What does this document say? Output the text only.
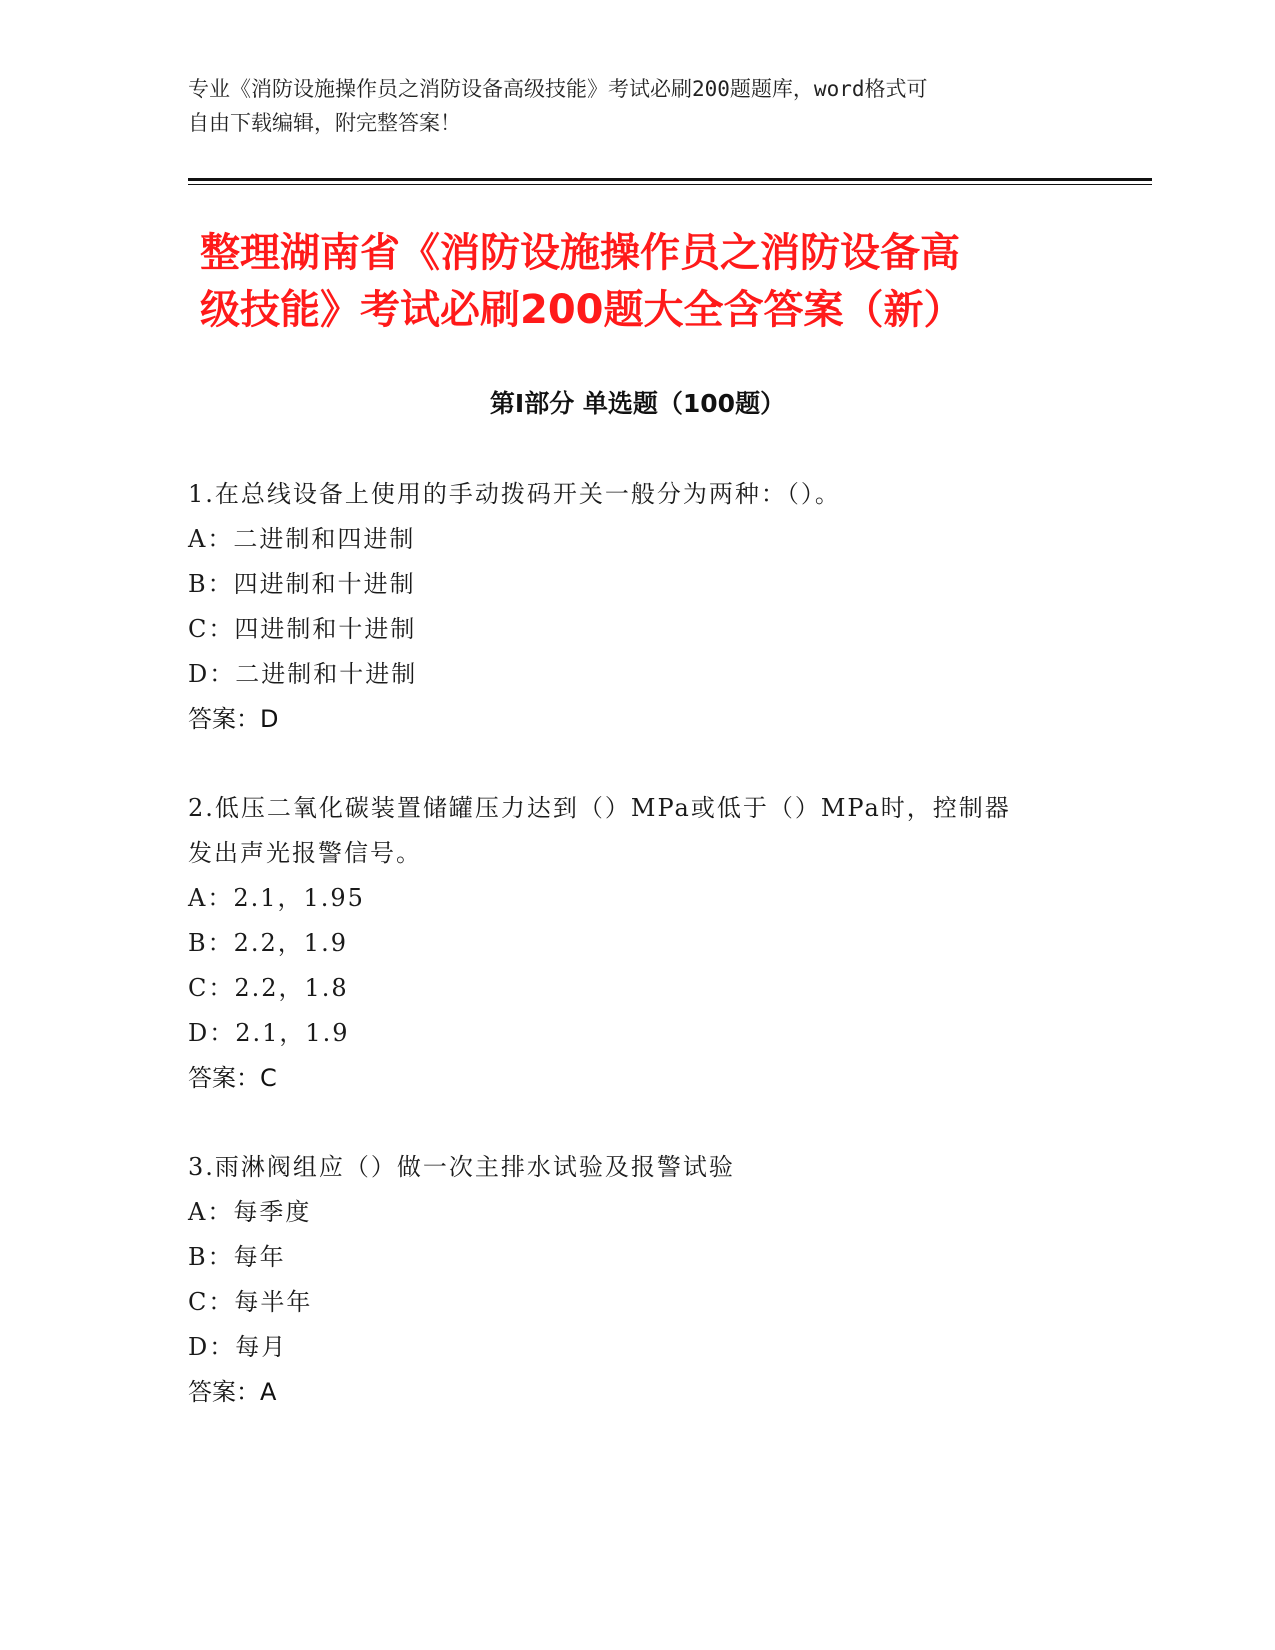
专业《消防设施操作员之消防设备高级技能》考试必刷200题题库，word格式可
自由下载编辑，附完整答案！
整理湖南省《消防设施操作员之消防设备高
级技能》考试必刷200题大全含答案（新）
第Ⅰ部分 单选题（100题）
1.在总线设备上使用的手动拨码开关一般分为两种：（）。
A：二进制和四进制
B：四进制和十进制
C：四进制和十进制
D：二进制和十进制
答案：D
2.低压二氧化碳装置储罐压力达到（）MPa或低于（）MPa时，控制器
发出声光报警信号。
A：2.1，1.95
B：2.2，1.9
C：2.2，1.8
D：2.1，1.9
答案：C
3.雨淋阀组应（）做一次主排水试验及报警试验
A：每季度
B：每年
C：每半年
D：每月
答案：A
